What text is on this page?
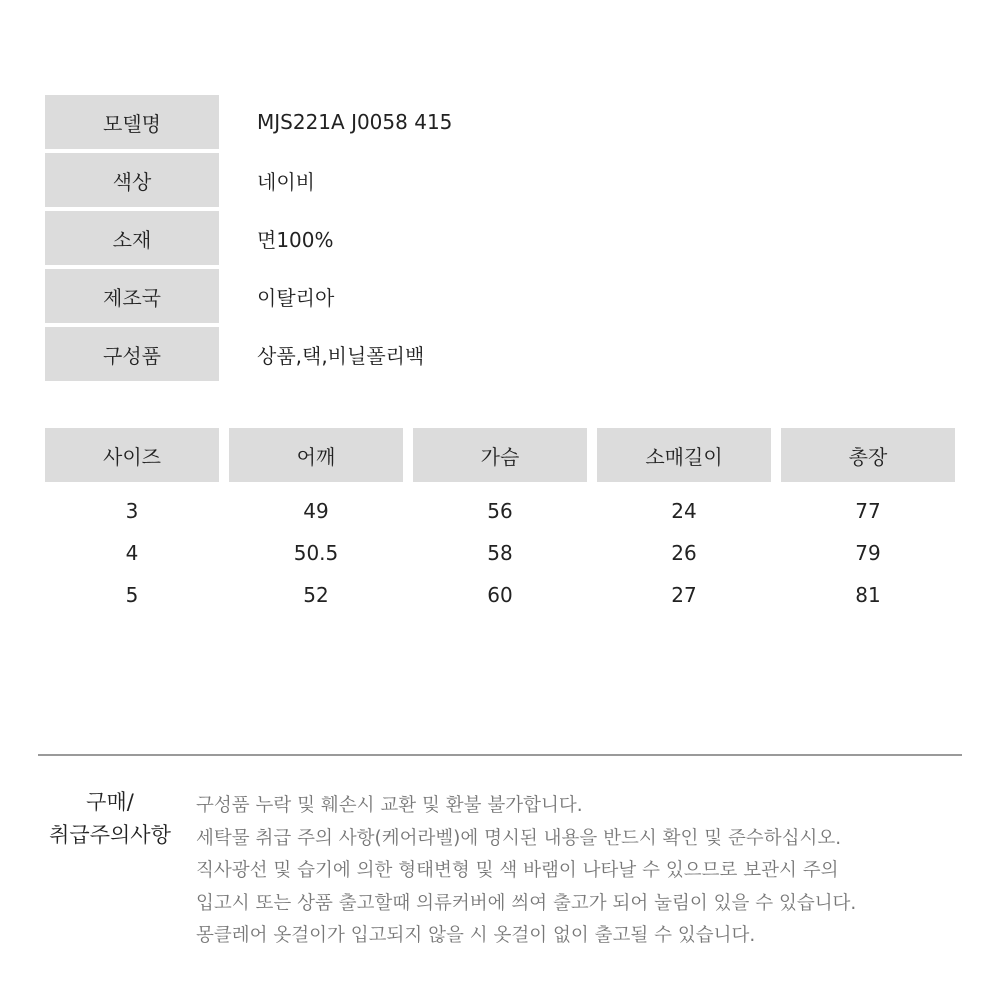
모델명	MJS221A J0058 415
색상	네이비
소재	면100%
제조국	이탈리아
구성품	상품,택,비닐폴리백
사이즈	어깨	가슴	소매길이	총장
3	49	56	24	77
4	50.5	58	26	79
5	52	60	27	81
구매/
취급주의사항
구성품 누락 및 훼손시 교환 및 환불 불가합니다.
세탁물 취급 주의 사항(케어라벨)에 명시된 내용을 반드시 확인 및 준수하십시오.
직사광선 및 습기에 의한 형태변형 및 색 바램이 나타날 수 있으므로 보관시 주의
입고시 또는 상품 출고할때 의류커버에 씌여 출고가 되어 눌림이 있을 수 있습니다.
몽클레어 옷걸이가 입고되지 않을 시 옷걸이 없이 출고될 수 있습니다.
